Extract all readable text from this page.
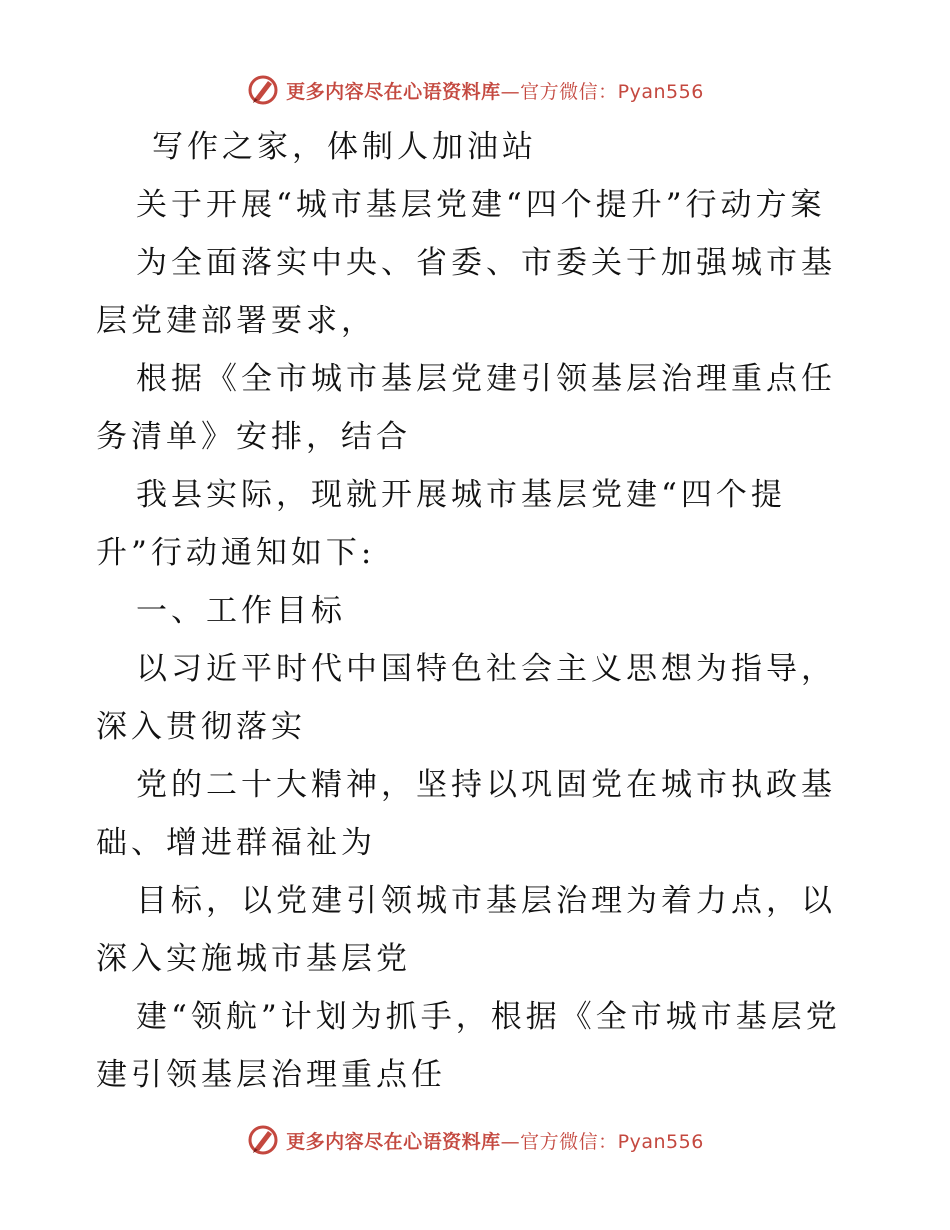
更多内容尽在心语资料库—官方微信：Pyan556

写作之家，体制人加油站

关于开展“城市基层党建“四个提升”行动方案

为全面落实中央、省委、市委关于加强城市基层党建部署要求，

根据《全市城市基层党建引领基层治理重点任务清单》安排，结合

我县实际，现就开展城市基层党建“四个提升”行动通知如下:

一、工作目标

以习近平时代中国特色社会主义思想为指导，深入贯彻落实

党的二十大精神，坚持以巩固党在城市执政基础、增进群福祉为

目标，以党建引领城市基层治理为着力点，以深入实施城市基层党

建“领航”计划为抓手，根据《全市城市基层党建引领基层治理重点任

更多内容尽在心语资料库—官方微信：Pyan556
